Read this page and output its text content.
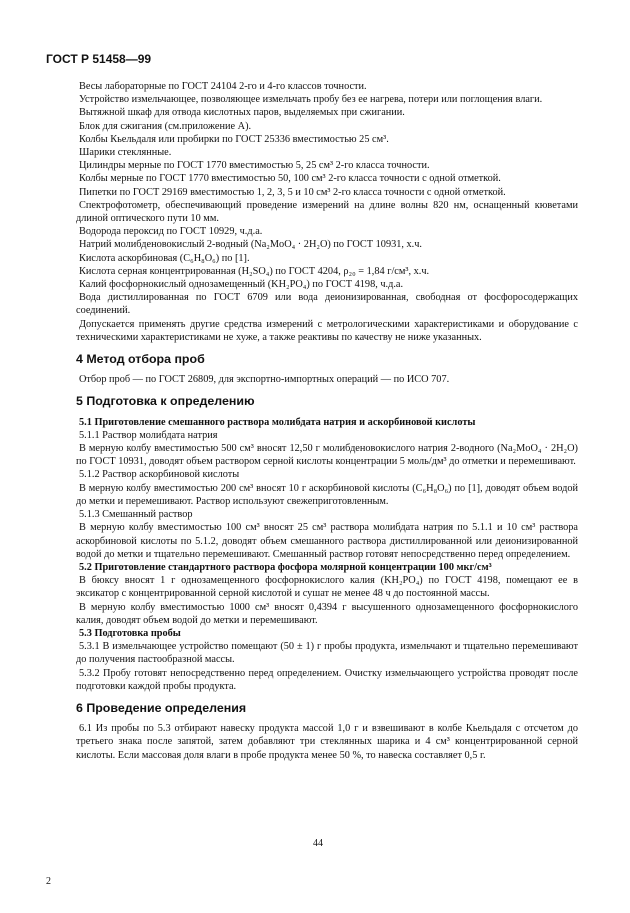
ГОСТ Р 51458—99

Весы лабораторные по ГОСТ 24104 2-го и 4-го классов точности.

Устройство измельчающее, позволяющее измельчать пробу без ее нагрева, потери или поглощения влаги.

Вытяжной шкаф для отвода кислотных паров, выделяемых при сжигании.

Блок для сжигания (см.приложение А).

Колбы Кьельдаля или пробирки по ГОСТ 25336 вместимостью 25 см³.

Шарики стеклянные.

Цилиндры мерные по ГОСТ 1770 вместимостью 5, 25 см³ 2-го класса точности.

Колбы мерные по ГОСТ 1770 вместимостью 50, 100 см³ 2-го класса точности с одной отметкой.

Пипетки по ГОСТ 29169 вместимостью 1, 2, 3, 5 и 10 см³ 2-го класса точности с одной отметкой.

Спектрофотометр, обеспечивающий проведение измерений на длине волны 820 нм, оснащенный кюветами длиной оптического пути 10 мм.

Водорода пероксид по ГОСТ 10929, ч.д.а.

Натрий молибденовокислый 2-водный (Na₂MoO₄ · 2H₂O) по ГОСТ 10931, х.ч.

Кислота аскорбиновая (C₆H₈O₆) по [1].

Кислота серная концентрированная (H₂SO₄) по ГОСТ 4204, ρ₂₀ = 1,84 г/см³, х.ч.

Калий фосфорнокислый однозамещенный (KH₂PO₄) по ГОСТ 4198, ч.д.а.

Вода дистиллированная по ГОСТ 6709 или вода деионизированная, свободная от фосфоросодержащих соединений.

Допускается применять другие средства измерений с метрологическими характеристиками и оборудование с техническими характеристиками не хуже, а также реактивы по качеству не ниже указанных.

4 Метод отбора проб

Отбор проб — по ГОСТ 26809, для экспортно-импортных операций — по ИСО 707.

5 Подготовка к определению

5.1 Приготовление смешанного раствора молибдата натрия и аскорбиновой кислоты

5.1.1 Раствор молибдата натрия

В мерную колбу вместимостью 500 см³ вносят 12,50 г молибденовокислого натрия 2-водного (Na₂MoO₄ · 2H₂O) по ГОСТ 10931, доводят объем раствором серной кислоты концентрации 5 моль/дм³ до отметки и перемешивают.

5.1.2 Раствор аскорбиновой кислоты

В мерную колбу вместимостью 200 см³ вносят 10 г аскорбиновой кислоты (C₆H₈O₆) по [1], доводят объем водой до метки и перемешивают. Раствор используют свежеприготовленным.

5.1.3 Смешанный раствор

В мерную колбу вместимостью 100 см³ вносят 25 см³ раствора молибдата натрия по 5.1.1 и 10 см³ раствора аскорбиновой кислоты по 5.1.2, доводят объем смешанного раствора дистиллированной или деионизированной водой до метки и тщательно перемешивают. Смешанный раствор готовят непосредственно перед определением.

5.2 Приготовление стандартного раствора фосфора молярной концентрации 100 мкг/см³

В бюксу вносят 1 г однозамещенного фосфорнокислого калия (KH₂PO₄) по ГОСТ 4198, помещают ее в эксикатор с концентрированной серной кислотой и сушат не менее 48 ч до постоянной массы.

В мерную колбу вместимостью 1000 см³ вносят 0,4394 г высушенного однозамещенного фосфорнокислого калия, доводят объем водой до метки и перемешивают.

5.3 Подготовка пробы

5.3.1 В измельчающее устройство помещают (50 ± 1) г пробы продукта, измельчают и тщательно перемешивают до получения пастообразной массы.

5.3.2 Пробу готовят непосредственно перед определением. Очистку измельчающего устройства проводят после подготовки каждой пробы продукта.

6 Проведение определения

6.1 Из пробы по 5.3 отбирают навеску продукта массой 1,0 г и взвешивают в колбе Кьельдаля с отсчетом до третьего знака после запятой, затем добавляют три стеклянных шарика и 4 см³ концентрированной серной кислоты. Если массовая доля влаги в пробе продукта менее 50 %, то навеска составляет 0,5 г.

44
2
